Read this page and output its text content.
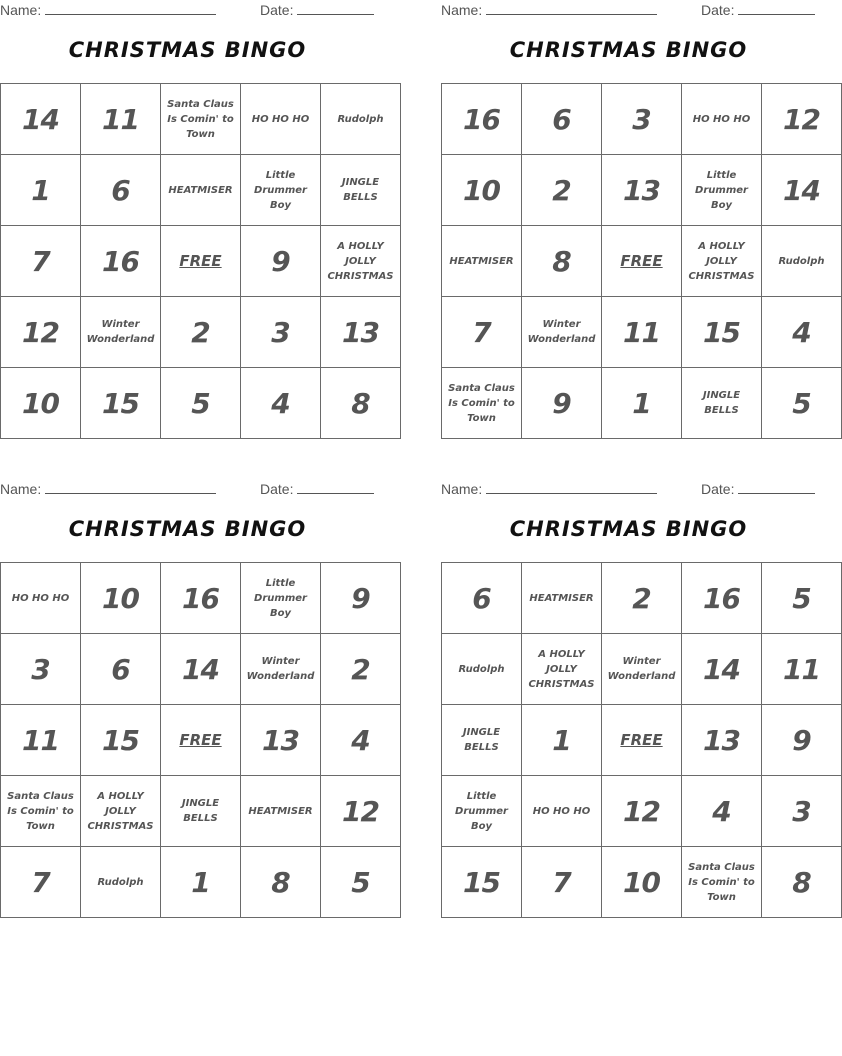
Name:	Date:
CHRISTMAS BINGO
14	11	Santa Claus Is Comin' to Town	HO HO HO	Rudolph
1	6	HEATMISER	Little Drummer Boy	JINGLE BELLS
7	16	FREE	9	A HOLLY JOLLY CHRISTMAS
12	Winter Wonderland	2	3	13
10	15	5	4	8
Name:	Date:
CHRISTMAS BINGO
16	6	3	HO HO HO	12
10	2	13	Little Drummer Boy	14
HEATMISER	8	FREE	A HOLLY JOLLY CHRISTMAS	Rudolph
7	Winter Wonderland	11	15	4
Santa Claus Is Comin' to Town	9	1	JINGLE BELLS	5
Name:	Date:
CHRISTMAS BINGO
HO HO HO	10	16	Little Drummer Boy	9
3	6	14	Winter Wonderland	2
11	15	FREE	13	4
Santa Claus Is Comin' to Town	A HOLLY JOLLY CHRISTMAS	JINGLE BELLS	HEATMISER	12
7	Rudolph	1	8	5
Name:	Date:
CHRISTMAS BINGO
6	HEATMISER	2	16	5
Rudolph	A HOLLY JOLLY CHRISTMAS	Winter Wonderland	14	11
JINGLE BELLS	1	FREE	13	9
Little Drummer Boy	HO HO HO	12	4	3
15	7	10	Santa Claus Is Comin' to Town	8
